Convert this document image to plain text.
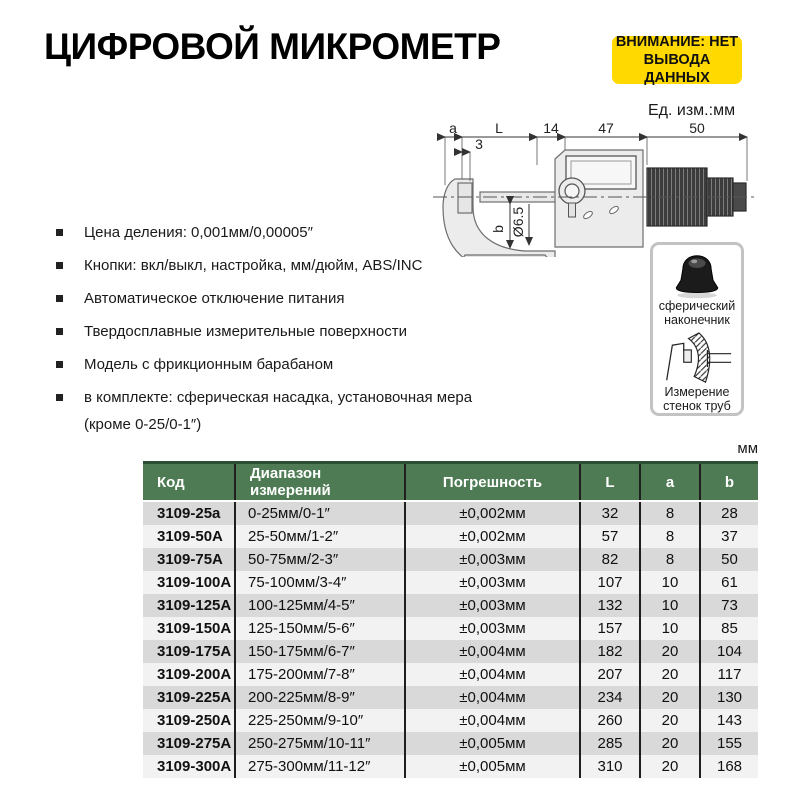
ЦИФРОВОЙ МИКРОМЕТР	ВНИМАНИЕ: НЕТ
ВЫВОДА ДАННЫХ
Ед. изм.:мм
a	L
3
14	47	50
b Ø6.5
Цена деления: 0,001мм/0,00005″
Кнопки: вкл/выкл, настройка, мм/дюйм, ABS/INC
Автоматическое отключение питания
Твердосплавные измерительные поверхности
Модель с фрикционным барабаном
в комплекте: сферическая насадка, установочная мера (кроме 0-25/0-1″)
сферический наконечник
Измерение стенок труб
мм
Код	Диапазон измерений	Погрешность	L	a	b
3109-25a	0-25мм/0-1″	±0,002мм	32	8	28
3109-50A	25-50мм/1-2″	±0,002мм	57	8	37
3109-75A	50-75мм/2-3″	±0,003мм	82	8	50
3109-100A	75-100мм/3-4″	±0,003мм	107	10	61
3109-125A	100-125мм/4-5″	±0,003мм	132	10	73
3109-150A	125-150мм/5-6″	±0,003мм	157	10	85
3109-175A	150-175мм/6-7″	±0,004мм	182	20	104
3109-200A	175-200мм/7-8″	±0,004мм	207	20	117
3109-225A	200-225мм/8-9″	±0,004мм	234	20	130
3109-250A	225-250мм/9-10″	±0,004мм	260	20	143
3109-275A	250-275мм/10-11″	±0,005мм	285	20	155
3109-300A	275-300мм/11-12″	±0,005мм	310	20	168
